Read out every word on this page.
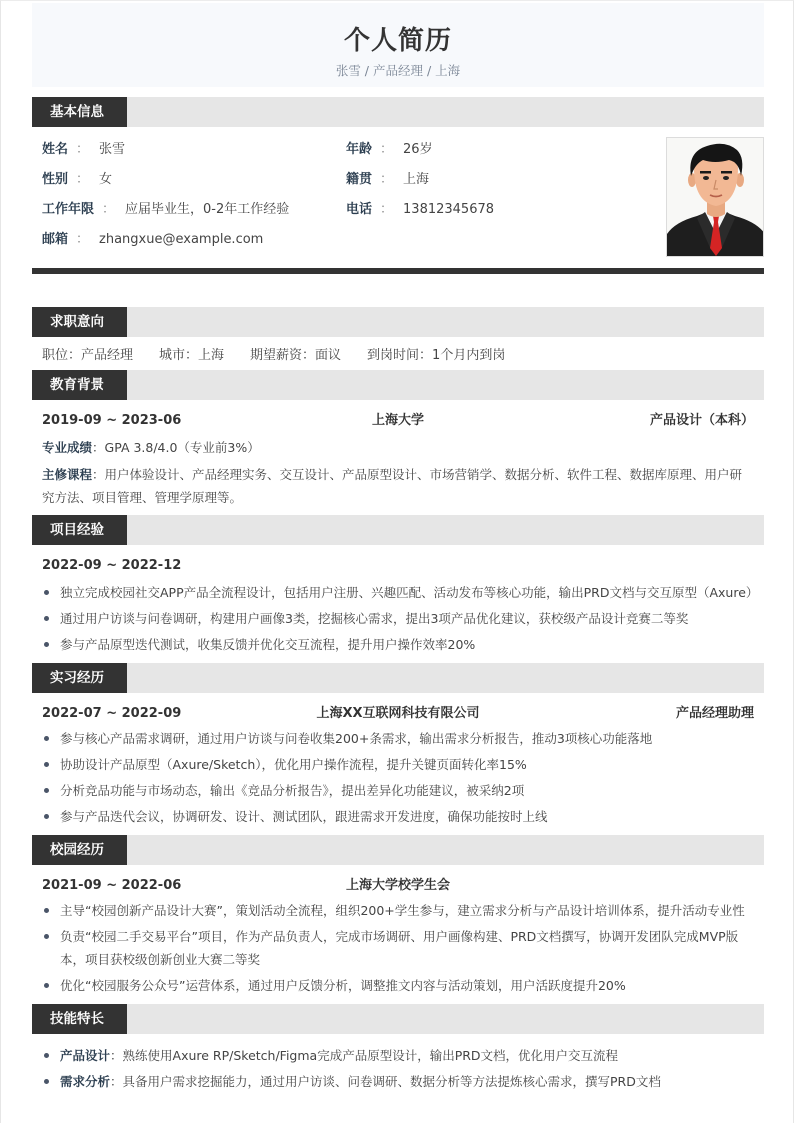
个人简历
张雪 / 产品经理 / 上海
基本信息
姓名 ： 张雪
性别 ： 女
工作年限 ： 应届毕业生，0-2年工作经验
邮箱 ： zhangxue@example.com
年龄 ： 26岁
籍贯 ： 上海
电话 ： 13812345678
求职意向
职位：产品经理 城市：上海 期望薪资：面议 到岗时间：1个月内到岗
教育背景
上海大学
2019-09 ~ 2023-06	产品设计（本科）
专业成绩：GPA 3.8/4.0（专业前3%）
主修课程：用户体验设计、产品经理实务、交互设计、产品原型设计、市场营销学、数据分析、软件工程、数据库原理、用户研究方法、项目管理、管理学原理等。
项目经验
2022-09 ~ 2022-12
独立完成校园社交APP产品全流程设计，包括用户注册、兴趣匹配、活动发布等核心功能，输出PRD文档与交互原型（Axure）
通过用户访谈与问卷调研，构建用户画像3类，挖掘核心需求，提出3项产品优化建议，获校级产品设计竞赛二等奖
参与产品原型迭代测试，收集反馈并优化交互流程，提升用户操作效率20%
实习经历
上海XX互联网科技有限公司
2022-07 ~ 2022-09	产品经理助理
参与核心产品需求调研，通过用户访谈与问卷收集200+条需求，输出需求分析报告，推动3项核心功能落地
协助设计产品原型（Axure/Sketch），优化用户操作流程，提升关键页面转化率15%
分析竞品功能与市场动态，输出《竞品分析报告》，提出差异化功能建议，被采纳2项
参与产品迭代会议，协调研发、设计、测试团队，跟进需求开发进度，确保功能按时上线
校园经历
上海大学校学生会
2021-09 ~ 2022-06
主导“校园创新产品设计大赛”，策划活动全流程，组织200+学生参与，建立需求分析与产品设计培训体系，提升活动专业性
负责“校园二手交易平台”项目，作为产品负责人，完成市场调研、用户画像构建、PRD文档撰写，协调开发团队完成MVP版本，项目获校级创新创业大赛二等奖
优化“校园服务公众号”运营体系，通过用户反馈分析，调整推文内容与活动策划，用户活跃度提升20%
技能特长
产品设计：熟练使用Axure RP/Sketch/Figma完成产品原型设计，输出PRD文档，优化用户交互流程
需求分析：具备用户需求挖掘能力，通过用户访谈、问卷调研、数据分析等方法提炼核心需求，撰写PRD文档
